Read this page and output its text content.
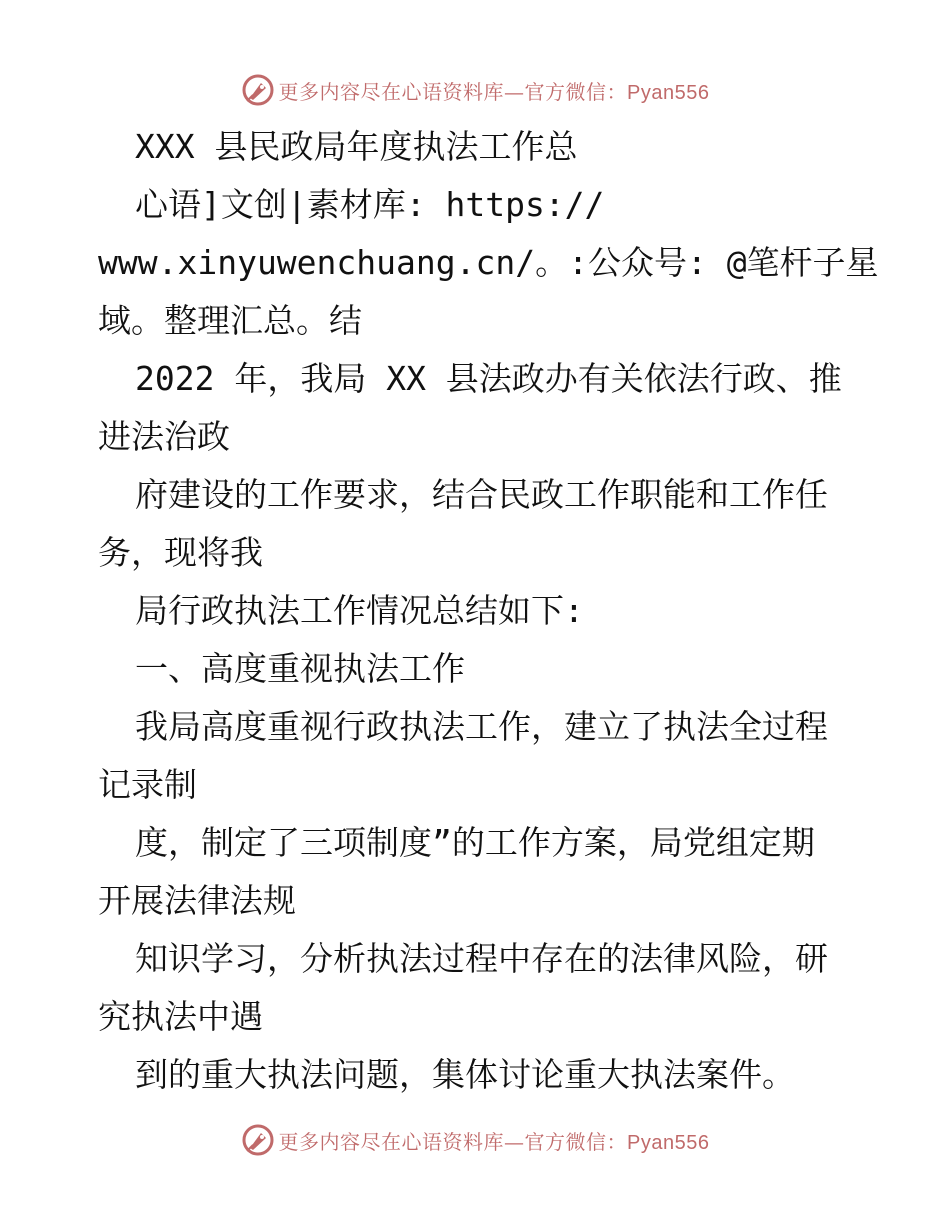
更多内容尽在心语资料库—官方微信：Pyan556
XXX 县民政局年度执法工作总
心语]文创|素材库: https://
www.xinyuwenchuang.cn/。:公众号: @笔杆子星
域。整理汇总。结
2022 年，我局 XX 县法政办有关依法行政、推
进法治政
府建设的工作要求，结合民政工作职能和工作任
务，现将我
局行政执法工作情况总结如下:
一、高度重视执法工作
我局高度重视行政执法工作，建立了执法全过程
记录制
度，制定了三项制度”的工作方案，局党组定期
开展法律法规
知识学习，分析执法过程中存在的法律风险，研
究执法中遇
到的重大执法问题，集体讨论重大执法案件。
更多内容尽在心语资料库—官方微信：Pyan556
